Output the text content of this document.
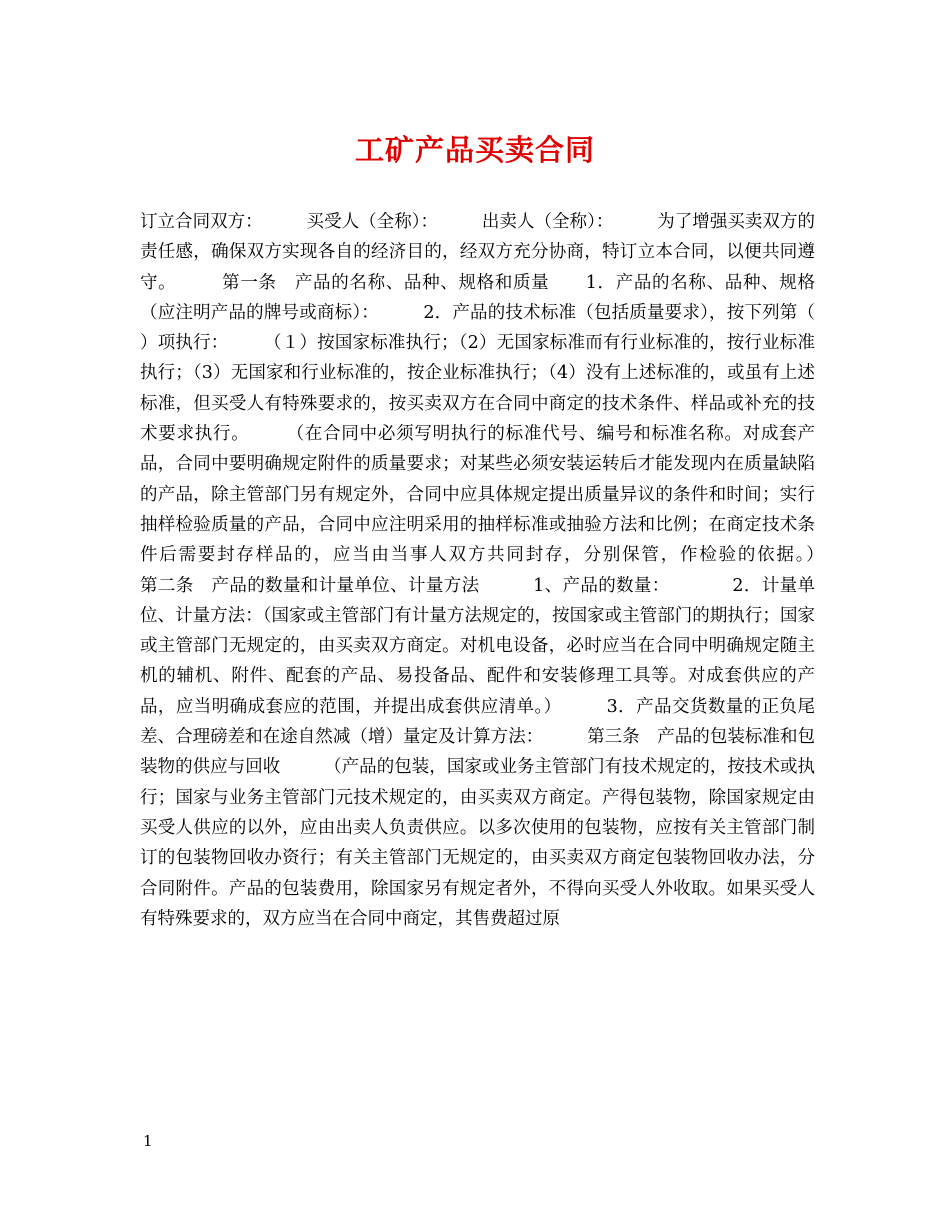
工矿产品买卖合同

订立合同双方：　　　买受人（全称）：　　　出卖人（全称）：　　　为了增强买卖双方的责任感，确保双方实现各自的经济目的，经双方充分协商，特订立本合同，以便共同遵守。　　　第一条　产品的名称、品种、规格和质量　　1．产品的名称、品种、规格（应注明产品的牌号或商标）：　　　2．产品的技术标准（包括质量要求），按下列第（　　）项执行：　　　（１）按国家标准执行；（2）无国家标准而有行业标准的，按行业标准执行；（3）无国家和行业标准的，按企业标准执行；（4）没有上述标准的，或虽有上述标准，但买受人有特殊要求的，按买卖双方在合同中商定的技术条件、样品或补充的技术要求执行。　　　（在合同中必须写明执行的标准代号、编号和标准名称。对成套产品，合同中要明确规定附件的质量要求；对某些必须安装运转后才能发现内在质量缺陷的产品，除主管部门另有规定外，合同中应具体规定提出质量异议的条件和时间；实行抽样检验质量的产品，合同中应注明采用的抽样标准或抽验方法和比例；在商定技术条件后需要封存样品的，应当由当事人双方共同封存，分别保管，作检验的依据。）　　　第二条　产品的数量和计量单位、计量方法　　　1、产品的数量：　　　　2．计量单位、计量方法：（国家或主管部门有计量方法规定的，按国家或主管部门的期执行；国家或主管部门无规定的，由买卖双方商定。对机电设备，必时应当在合同中明确规定随主机的辅机、附件、配套的产品、易投备品、配件和安装修理工具等。对成套供应的产品，应当明确成套应的范围，并提出成套供应清单。）　　　3．产品交货数量的正负尾差、合理磅差和在途自然减（增）量定及计算方法：　　　第三条　产品的包装标准和包装物的供应与回收　　　（产品的包装，国家或业务主管部门有技术规定的，按技术或执行；国家与业务主管部门元技术规定的，由买卖双方商定。产得包装物，除国家规定由买受人供应的以外，应由出卖人负责供应。以多次使用的包装物，应按有关主管部门制订的包装物回收办资行；有关主管部门无规定的，由买卖双方商定包装物回收办法，分合同附件。产品的包装费用，除国家另有规定者外，不得向买受人外收取。如果买受人有特殊要求的，双方应当在合同中商定，其售费超过原

1
